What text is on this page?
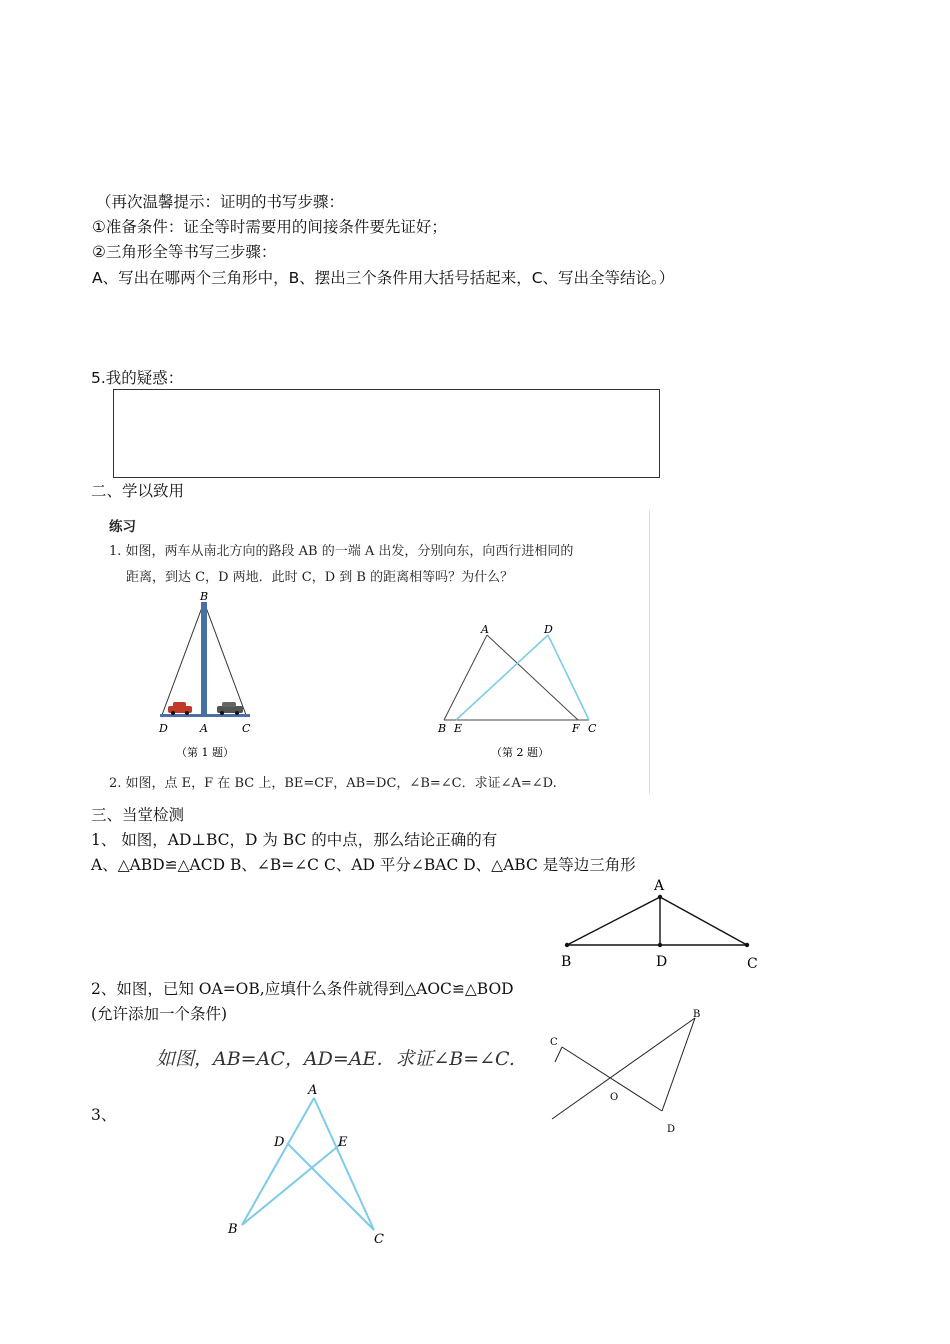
（再次温馨提示：证明的书写步骤：
①准备条件：证全等时需要用的间接条件要先证好；
②三角形全等书写三步骤：
A、写出在哪两个三角形中，B、摆出三个条件用大括号括起来，C、写出全等结论。）
5.我的疑惑：
二、学以致用
练习
1. 如图，两车从南北方向的路段 AB 的一端 A 出发，分别向东，向西行进相同的
距离，到达 C，D 两地．此时 C，D 到 B 的距离相等吗？为什么？
B
D	A	C
（第 1 题）
A	D
B E	F C
（第 2 题）
2. 如图，点 E，F 在 BC 上，BE=CF，AB=DC，∠B=∠C．求证∠A=∠D.
三、当堂检测
1、 如图，AD⊥BC，D 为 BC 的中点，那么结论正确的有
A、△ABD≌△ACD B、∠B=∠C C、AD 平分∠BAC D、△ABC 是等边三角形
A
B	D	C
2、如图，已知 OA=OB,应填什么条件就得到△AOC≌△BOD
(允许添加一个条件)	B
C
O
D
如图，AB=AC，AD=AE．求证∠B=∠C.
3、
A
D	E
B
C
